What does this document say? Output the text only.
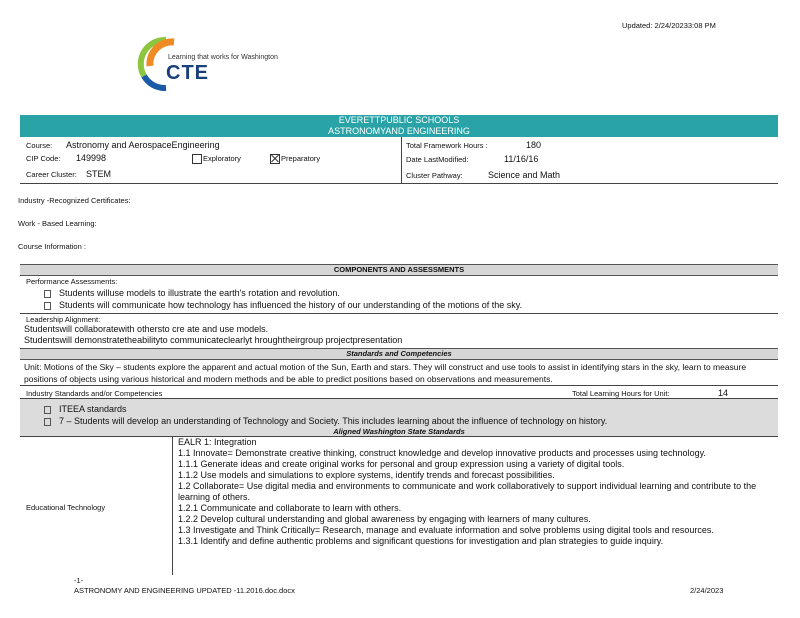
Updated: 2/24/20233:08 PM
Learning that works for Washington
CTE
EVERETTPUBLIC SCHOOLS
ASTRONOMYAND ENGINEERING
Course: Astronomy and AerospaceEngineering
CIP Code: 149998	Exploratory	Preparatory
Career Cluster: STEM
Total Framework Hours :	180
Date LastModified:	11/16/16
Cluster Pathway:	Science and Math
Industry -Recognized Certificates:
Work - Based Learning:
Course Information :
COMPONENTS AND ASSESSMENTS
Performance Assessments:
Students willuse models to illustrate the earth's rotation and revolution.
Students will communicate how technology has influenced the history of our understanding of the motions of the sky.
Leadership Alignment:
Studentswill collaboratewith othersto cre ate and use models.
Studentswill demonstratetheabilityto communicateclearlyt hroughtheirgroup projectpresentation
Standards and Competencies
Unit: Motions of the Sky – students explore the apparent and actual motion of the Sun, Earth and stars. They will construct and use tools to assist in identifying stars in the sky, learn to measure positions of objects using various historical and modern methods and be able to predict positions based on observations and measurements.
Industry Standards and/or Competencies	Total Learning Hours for Unit:	14
ITEEA standards
7 – Students will develop an understanding of Technology and Society. This includes learning about the influence of technology on history.
Aligned Washington State Standards
Educational Technology
EALR 1: Integration
1.1 Innovate= Demonstrate creative thinking, construct knowledge and develop innovative products and processes using technology.
1.1.1 Generate ideas and create original works for personal and group expression using a variety of digital tools.
1.1.2 Use models and simulations to explore systems, identify trends and forecast possibilities.
1.2 Collaborate= Use digital media and environments to communicate and work collaboratively to support individual learning and contribute to the learning of others.
1.2.1 Communicate and collaborate to learn with others.
1.2.2 Develop cultural understanding and global awareness by engaging with learners of many cultures.
1.3 Investigate and Think Critically= Research, manage and evaluate information and solve problems using digital tools and resources.
1.3.1 Identify and define authentic problems and significant questions for investigation and plan strategies to guide inquiry.
-1-
ASTRONOMY AND ENGINEERING UPDATED -11.2016.doc.docx	2/24/2023
